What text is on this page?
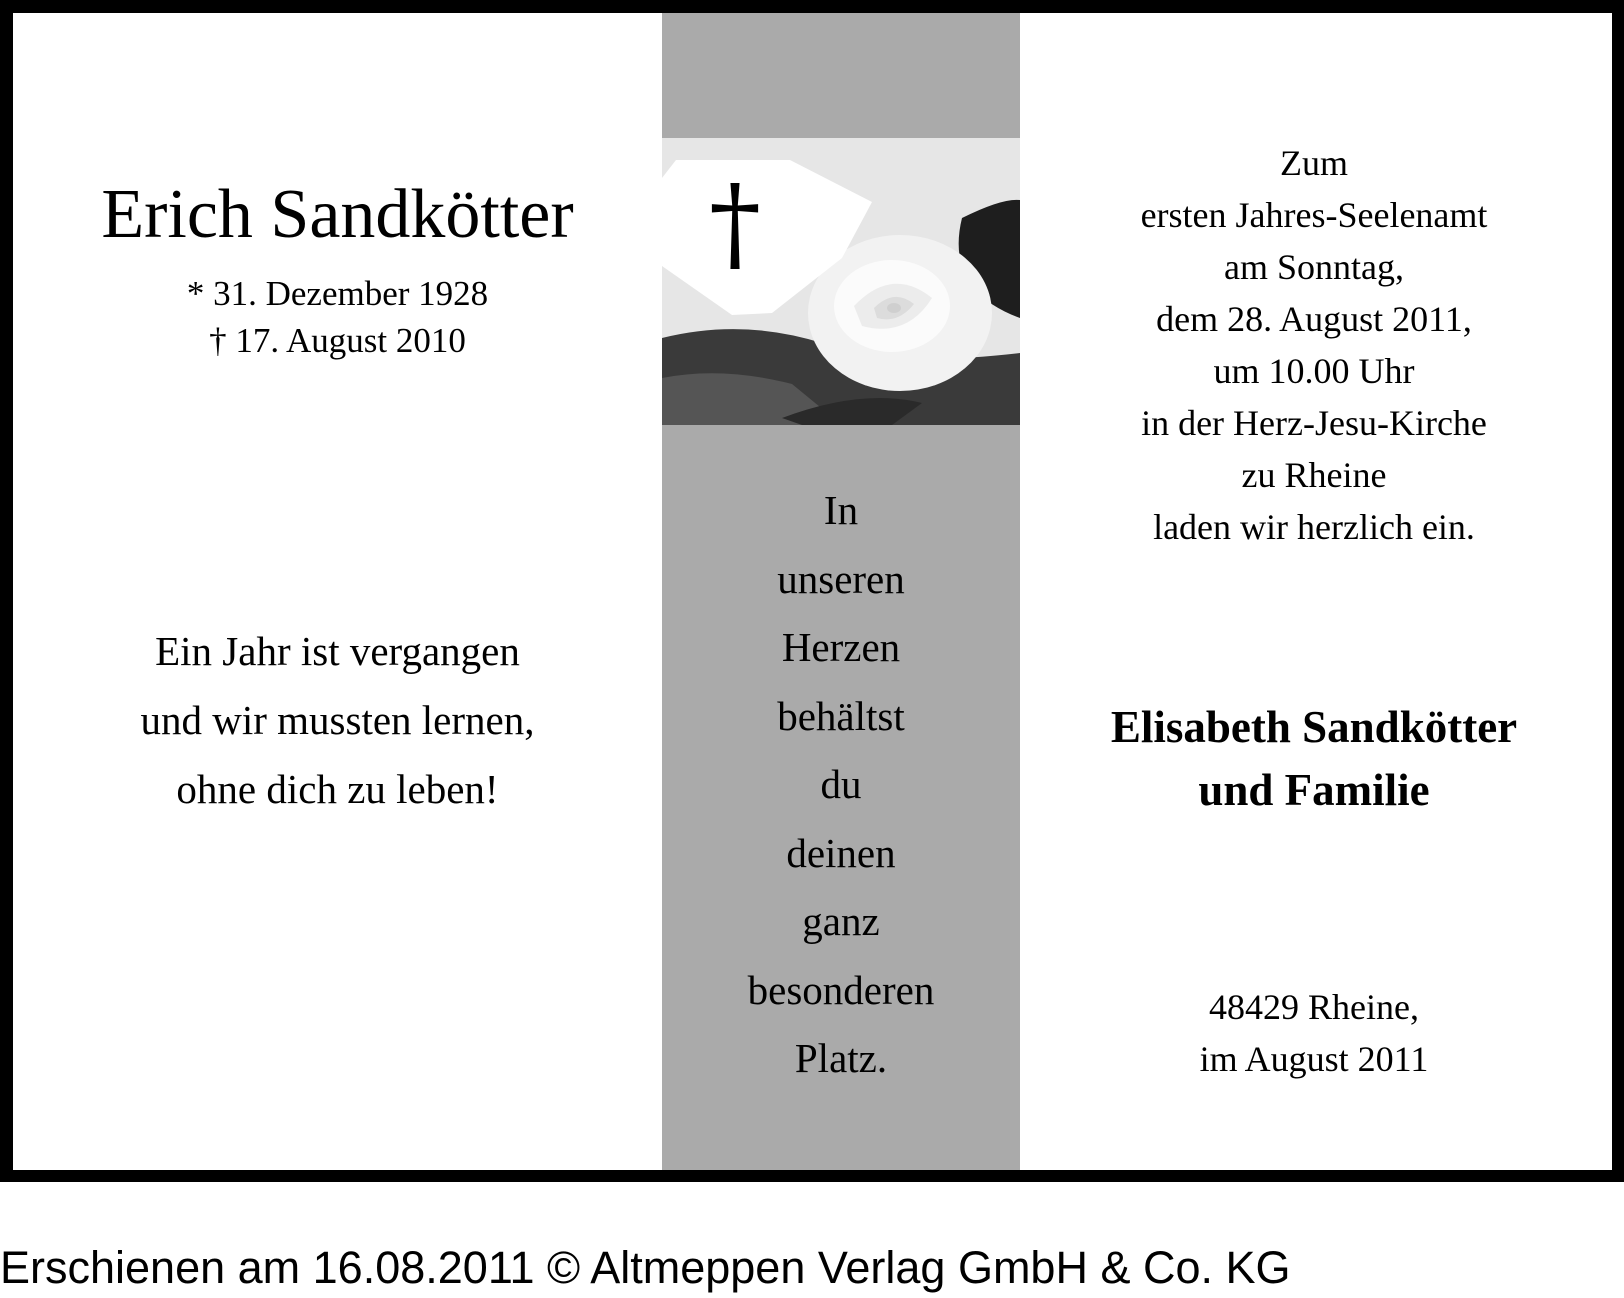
Erich Sandkötter
* 31. Dezember 1928
† 17. August 2010
Ein Jahr ist vergangen
und wir mussten lernen,
ohne dich zu leben!
†
In
unseren
Herzen
behältst
du
deinen
ganz
besonderen
Platz.
Zum
ersten Jahres-Seelenamt
am Sonntag,
dem 28. August 2011,
um 10.00 Uhr
in der Herz-Jesu-Kirche
zu Rheine
laden wir herzlich ein.
Elisabeth Sandkötter
und Familie
48429 Rheine,
im August 2011
Erschienen am 16.08.2011 © Altmeppen Verlag GmbH & Co. KG
